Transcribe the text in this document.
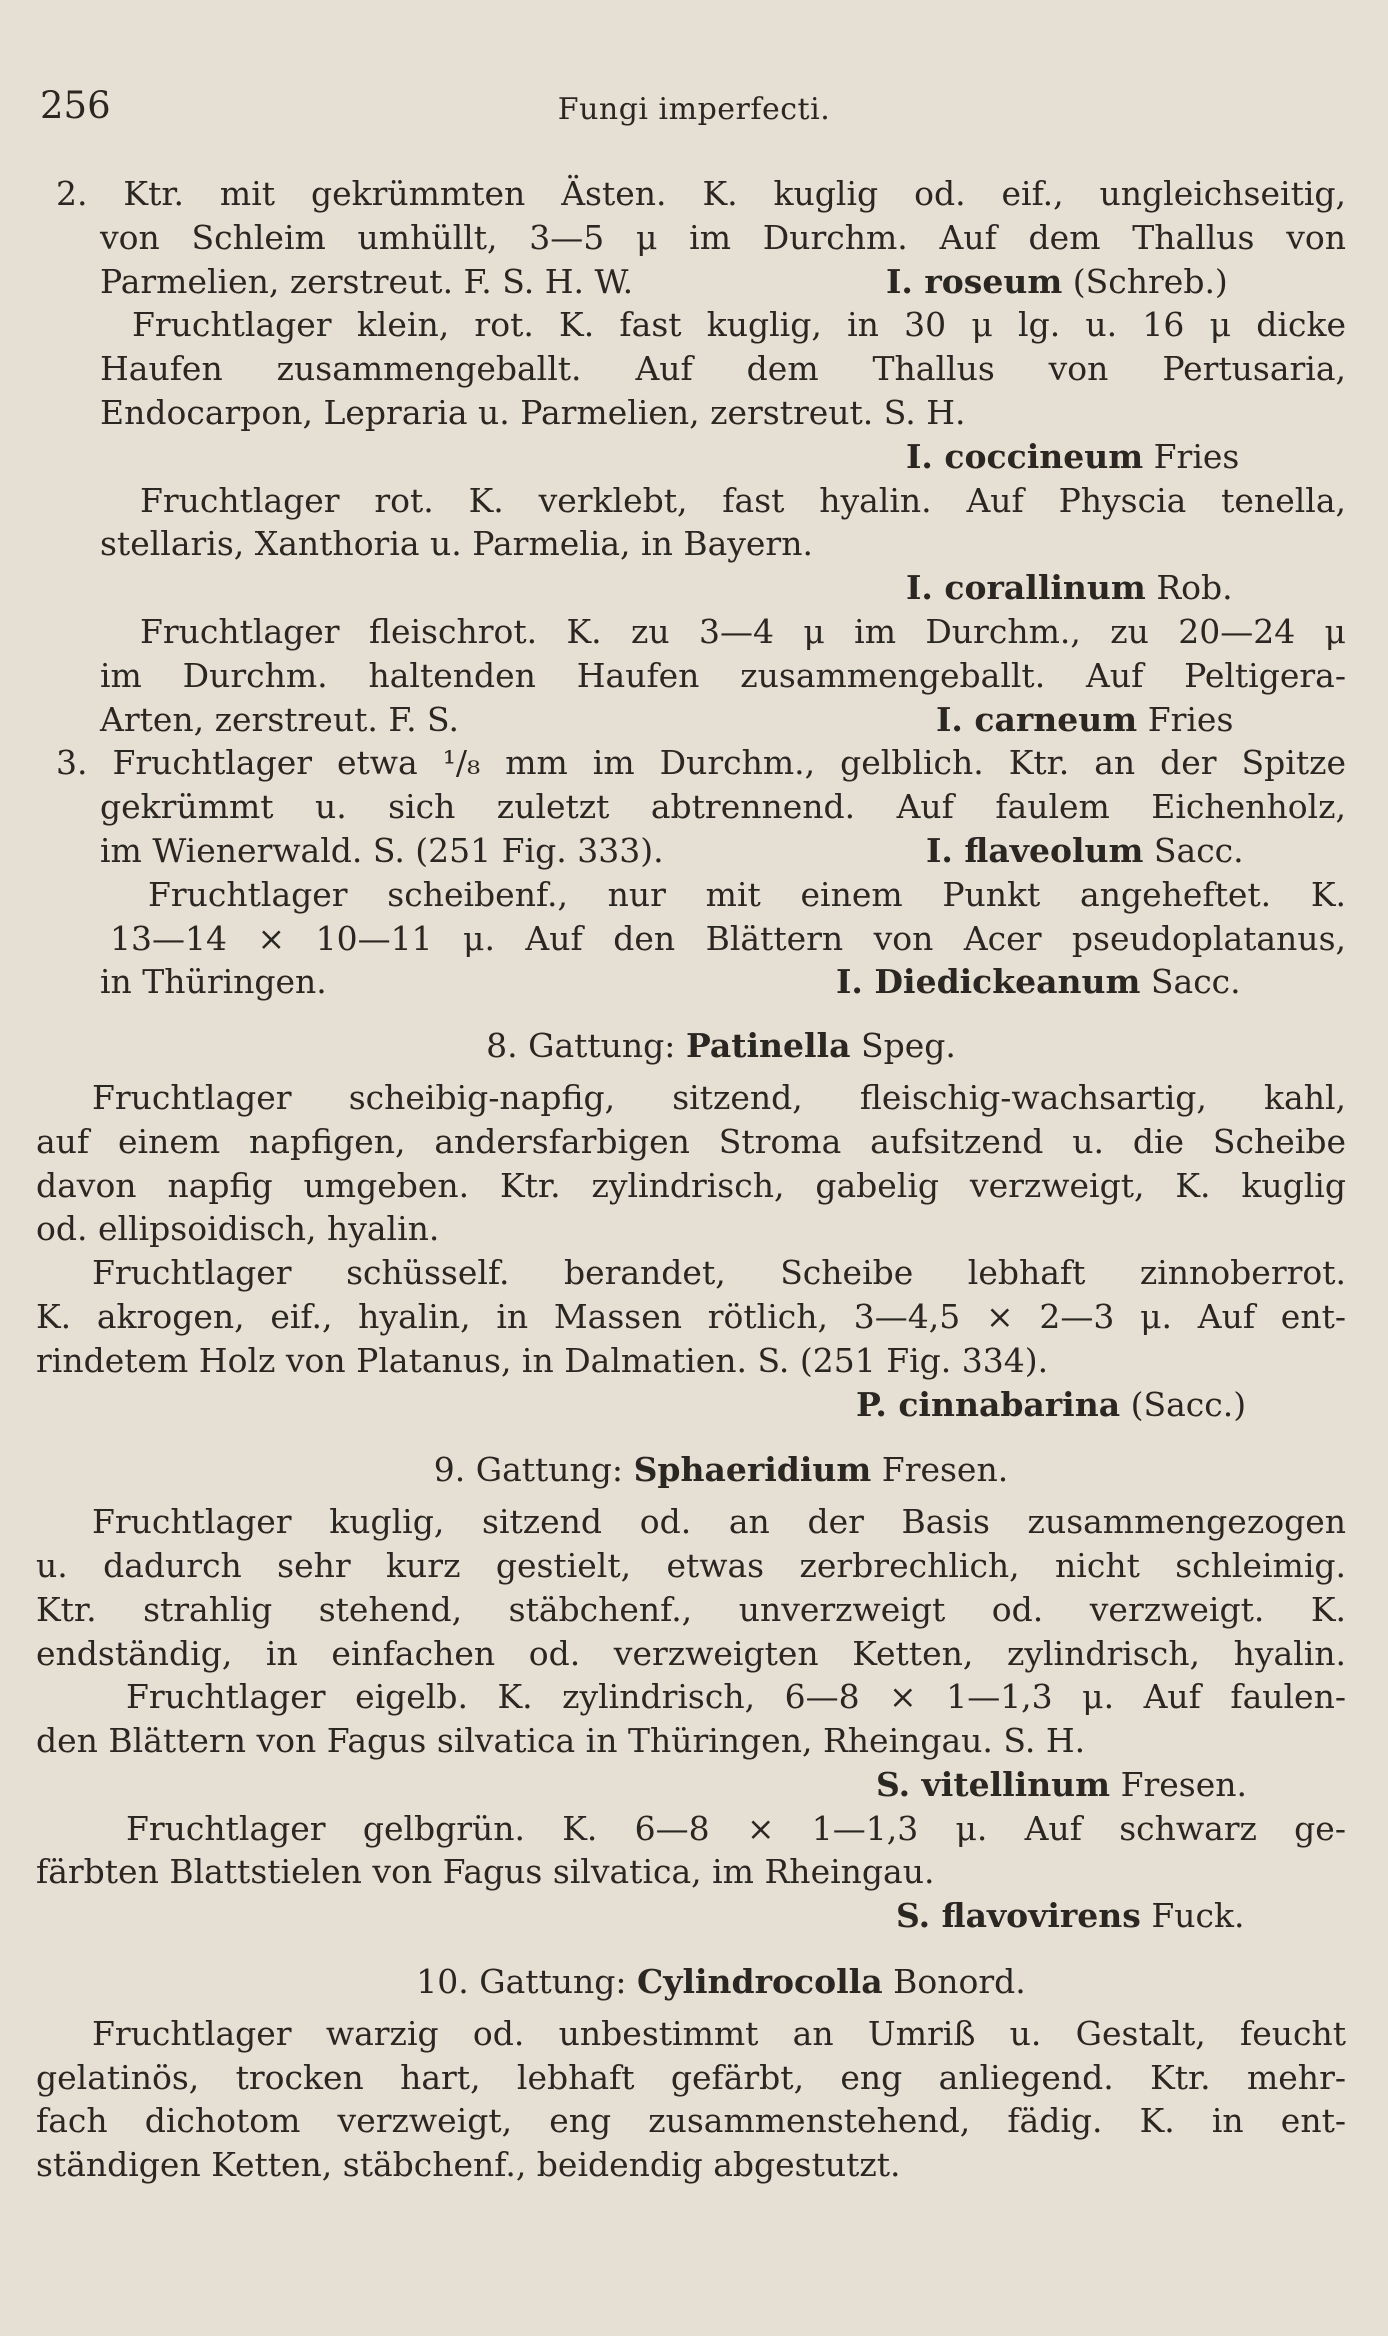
256	Fungi imperfecti.
2. Ktr. mit gekrümmten Ästen. K. kuglig od. eif., ungleichseitig,
von Schleim umhüllt, 3—5 μ im Durchm. Auf dem Thallus von
Parmelien, zerstreut. F. S. H. W.	I. roseum (Schreb.)
Fruchtlager klein, rot. K. fast kuglig, in 30 μ lg. u. 16 μ dicke
Haufen zusammengeballt. Auf dem Thallus von Pertusaria,
Endocarpon, Lepraria u. Parmelien, zerstreut. S. H.
I. coccineum Fries
Fruchtlager rot. K. verklebt, fast hyalin. Auf Physcia tenella,
stellaris, Xanthoria u. Parmelia, in Bayern.
I. corallinum Rob.
Fruchtlager fleischrot. K. zu 3—4 μ im Durchm., zu 20—24 μ
im Durchm. haltenden Haufen zusammengeballt. Auf Peltigera-
Arten, zerstreut. F. S.	I. carneum Fries
3. Fruchtlager etwa ¹/₈ mm im Durchm., gelblich. Ktr. an der Spitze
gekrümmt u. sich zuletzt abtrennend. Auf faulem Eichenholz,
im Wienerwald. S. (251 Fig. 333).	I. flaveolum Sacc.
Fruchtlager scheibenf., nur mit einem Punkt angeheftet. K.
13—14 × 10—11 μ. Auf den Blättern von Acer pseudoplatanus,
in Thüringen.	I. Diedickeanum Sacc.
8. Gattung: Patinella Speg.
Fruchtlager scheibig-napfig, sitzend, fleischig-wachsartig, kahl,
auf einem napfigen, andersfarbigen Stroma aufsitzend u. die Scheibe
davon napfig umgeben. Ktr. zylindrisch, gabelig verzweigt, K. kuglig
od. ellipsoidisch, hyalin.
Fruchtlager schüsself. berandet, Scheibe lebhaft zinnoberrot.
K. akrogen, eif., hyalin, in Massen rötlich, 3—4,5 × 2—3 μ. Auf ent-
rindetem Holz von Platanus, in Dalmatien. S. (251 Fig. 334).
P. cinnabarina (Sacc.)
9. Gattung: Sphaeridium Fresen.
Fruchtlager kuglig, sitzend od. an der Basis zusammengezogen
u. dadurch sehr kurz gestielt, etwas zerbrechlich, nicht schleimig.
Ktr. strahlig stehend, stäbchenf., unverzweigt od. verzweigt. K.
endständig, in einfachen od. verzweigten Ketten, zylindrisch, hyalin.
Fruchtlager eigelb. K. zylindrisch, 6—8 × 1—1,3 μ. Auf faulen-
den Blättern von Fagus silvatica in Thüringen, Rheingau. S. H.
S. vitellinum Fresen.
Fruchtlager gelbgrün. K. 6—8 × 1—1,3 μ. Auf schwarz ge-
färbten Blattstielen von Fagus silvatica, im Rheingau.
S. flavovirens Fuck.
10. Gattung: Cylindrocolla Bonord.
Fruchtlager warzig od. unbestimmt an Umriß u. Gestalt, feucht
gelatinös, trocken hart, lebhaft gefärbt, eng anliegend. Ktr. mehr-
fach dichotom verzweigt, eng zusammenstehend, fädig. K. in ent-
ständigen Ketten, stäbchenf., beidendig abgestutzt.
